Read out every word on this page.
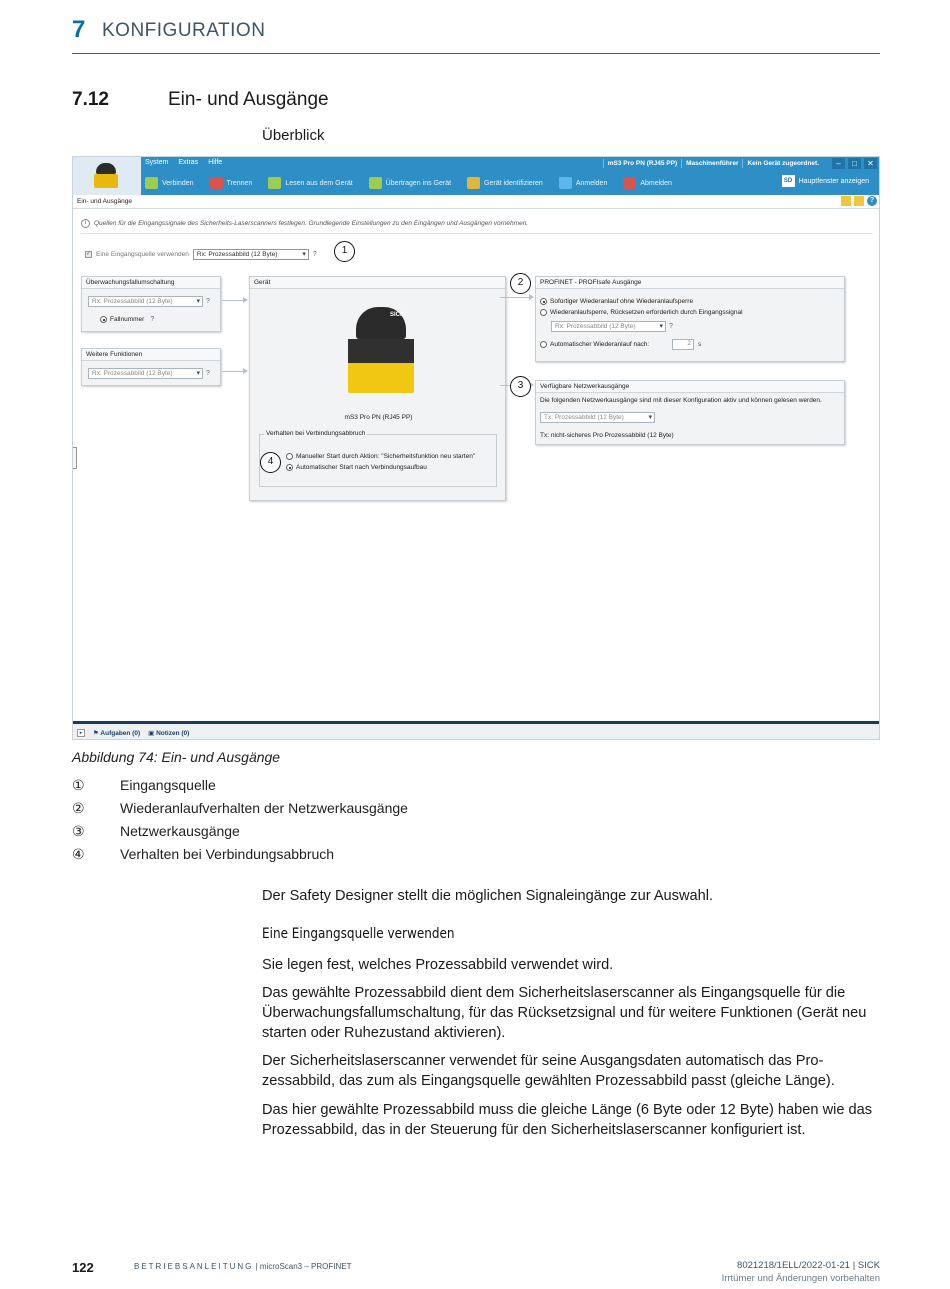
7 KONFIGURATION
7.12	Ein- und Ausgänge
Überblick
System Extras Hilfe	mS3 Pro PN (RJ45 PP)	Maschinenführer	Kein Gerät zugeordnet.	–	□	✕
Verbinden	Trennen	Lesen aus dem Gerät	Übertragen ins Gerät	Gerät identifizieren	Anmelden	Abmelden	SD Hauptfenster anzeigen
Ein- und Ausgänge	?
i	Quellen für die Eingangssignale des Sicherheits-Laserscanners festlegen. Grundlegende Einstellungen zu den Eingängen und Ausgängen vornehmen.
✓
Eine Eingangsquelle verwenden	Rx: Prozessabbild (12 Byte) ▾	?	1
Überwachungsfallumschaltung
Rx: Prozessabbild (12 Byte) ▾	?
Fallnummer ?
Weitere Funktionen
Rx: Prozessabbild (12 Byte) ▾	?
Gerät
SICK
mS3 Pro PN (RJ45 PP)
Verhalten bei Verbindungsabbruch
Manueller Start durch Aktion: "Sicherheitsfunktion neu starten"
Automatischer Start nach Verbindungsaufbau
4
PROFINET - PROFIsafe Ausgänge
Sofortiger Wiederanlauf ohne Wiederanlaufsperre
Wiederanlaufsperre, Rücksetzen erforderlich durch Eingangssignal
Rx: Prozessabbild (12 Byte) ▾	?
Automatischer Wiederanlauf nach:	2	s
2
Verfügbare Netzwerkausgänge
Die folgenden Netzwerkausgänge sind mit dieser Konfiguration aktiv und können gelesen werden.
Tx: Prozessabbild (12 Byte) ▾
Tx: nicht-sicheres Pro Prozessabbild (12 Byte)
3
▸	⚑ Aufgaben (0) ▣ Notizen (0)
Abbildung 74: Ein- und Ausgänge
①	Eingangsquelle
②	Wiederanlaufverhalten der Netzwerkausgänge
③	Netzwerkausgänge
④	Verhalten bei Verbindungsabbruch
Der Safety Designer stellt die möglichen Signaleingänge zur Auswahl.
Eine Eingangsquelle verwenden
Sie legen fest, welches Prozessabbild verwendet wird.
Das gewählte Prozessabbild dient dem Sicherheitslaserscanner als Eingangsquelle für die Überwachungsfallumschaltung, für das Rücksetzsignal und für weitere Funktionen (Gerät neu starten oder Ruhezustand aktivieren).
Der Sicherheitslaserscanner verwendet für seine Ausgangsdaten automatisch das Prozessabbild, das zum als Eingangsquelle gewählten Prozessabbild passt (gleiche Länge).
Das hier gewählte Prozessabbild muss die gleiche Länge (6 Byte oder 12 Byte) haben wie das Prozessabbild, das in der Steuerung für den Sicherheitslaserscanner konfiguriert ist.
122	BETRIEBSANLEITUNG | microScan3 – PROFINET	8021218/1ELL/2022-01-21 | SICK
Irrtümer und Änderungen vorbehalten
